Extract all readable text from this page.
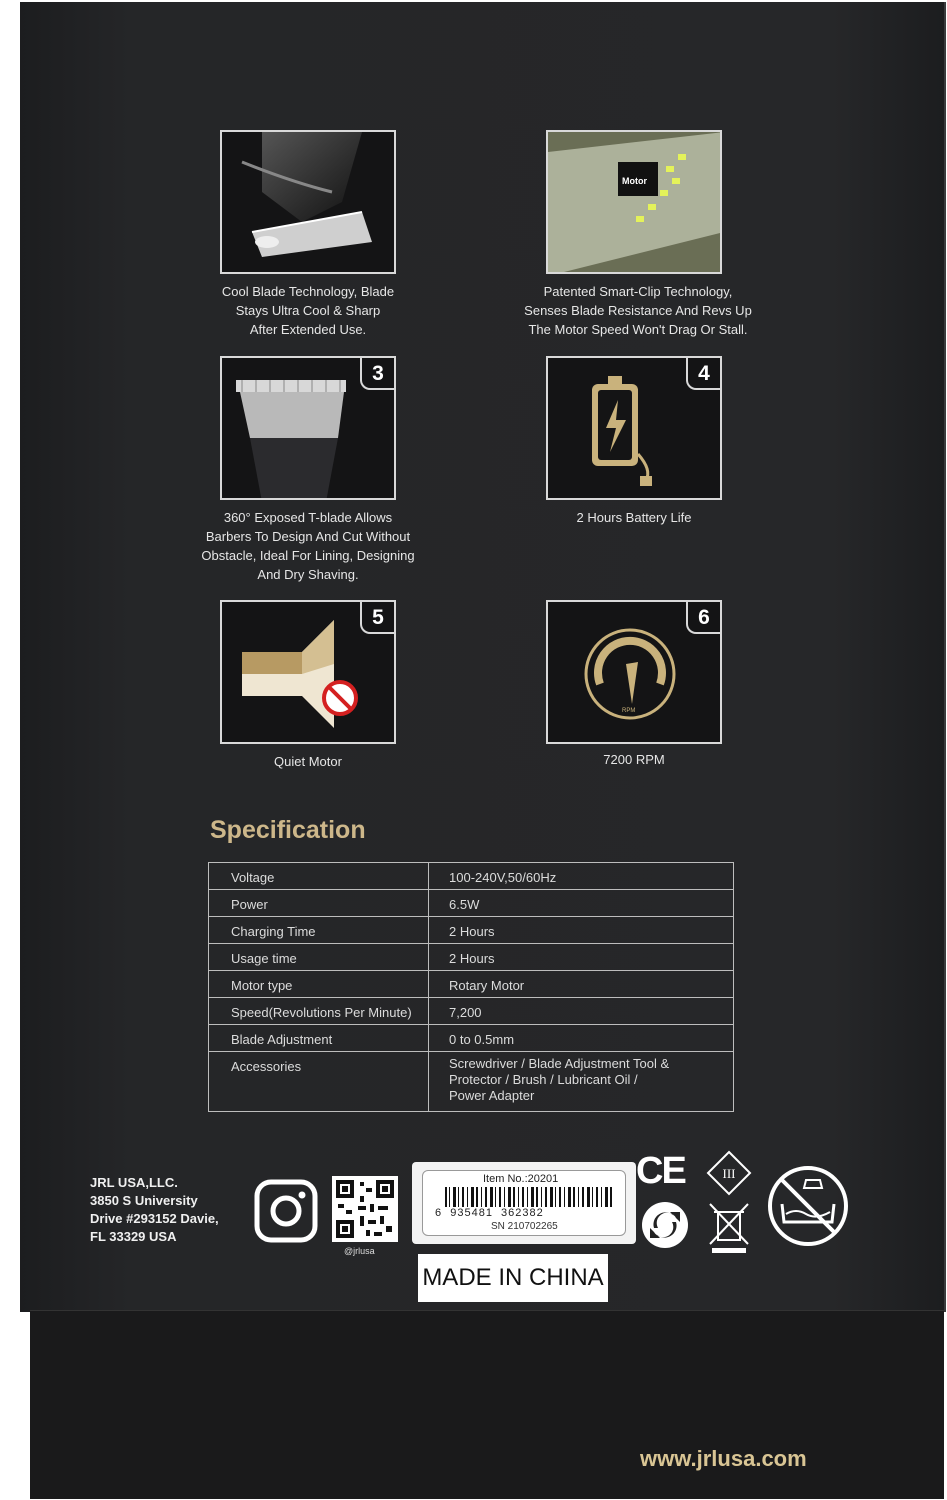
Cool Blade Technology, Blade
Stays Ultra Cool & Sharp
After Extended Use.
Motor
Patented Smart-Clip Technology,
Senses Blade Resistance And Revs Up
The Motor Speed Won't Drag Or Stall.
3
360° Exposed T-blade Allows
Barbers To Design And Cut Without
Obstacle, Ideal For Lining, Designing
And Dry Shaving.
4
2 Hours Battery Life
5
Quiet Motor
RPM
6
7200 RPM
Specification
Voltage	100-240V,50/60Hz
Power	6.5W
Charging Time	2 Hours
Usage time	2 Hours
Motor type	Rotary Motor
Speed(Revolutions Per Minute)	7,200
Blade Adjustment	0 to 0.5mm
Accessories	Screwdriver / Blade Adjustment Tool &
Protector / Brush / Lubricant Oil /
Power Adapter
JRL USA,LLC.
3850 S University
Drive #293152 Davie,
FL 33329 USA
@jrlusa
Item No.:20201
6  935481  362382
SN 210702265
MADE IN CHINA
CE	III
www.jrlusa.com
